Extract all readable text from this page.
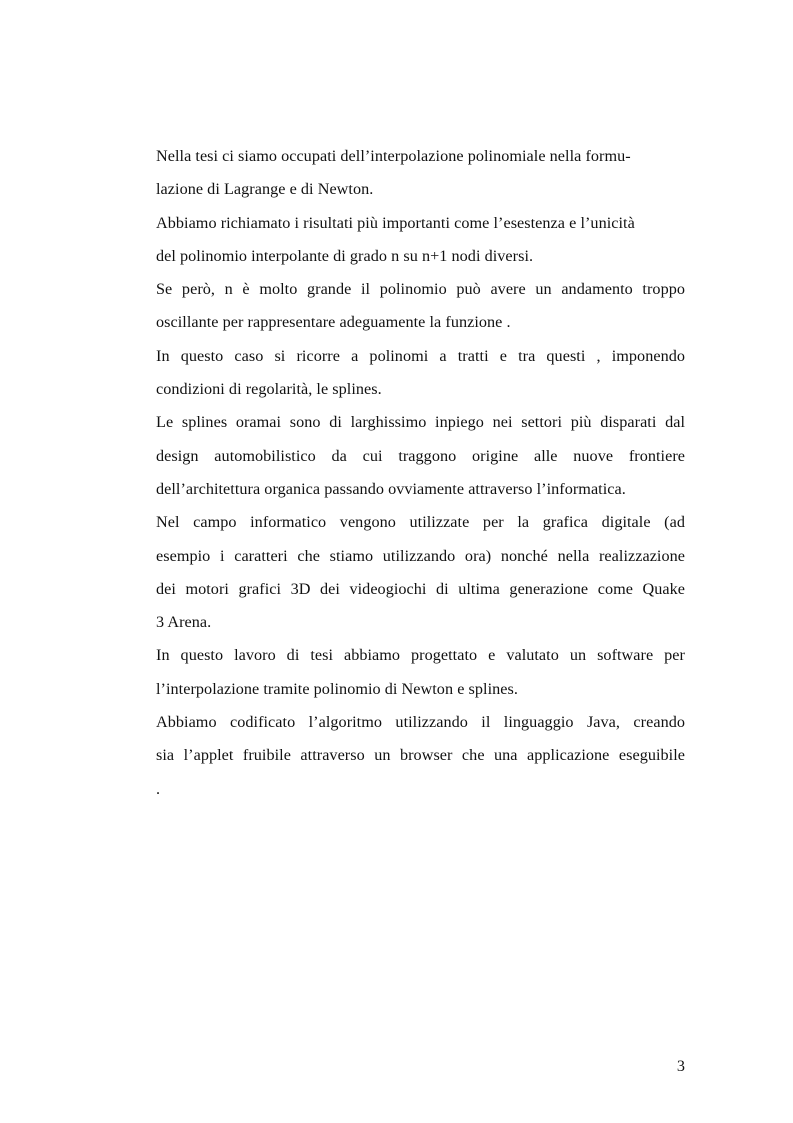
Nella tesi ci siamo occupati dell’interpolazione polinomiale nella formu-
lazione di Lagrange e di Newton.
Abbiamo richiamato i risultati più importanti come l’esestenza e l’unicità
del polinomio interpolante di grado n su n+1 nodi diversi.
Se però, n è molto grande il polinomio può avere un andamento troppo
oscillante per rappresentare adeguamente la funzione .
In questo caso si ricorre a polinomi a tratti e tra questi , imponendo
condizioni di regolarità, le splines.
Le splines oramai sono di larghissimo inpiego nei settori più disparati dal
design automobilistico da cui traggono origine alle nuove frontiere
dell’architettura organica passando ovviamente attraverso l’informatica.
Nel campo informatico vengono utilizzate per la grafica digitale (ad
esempio i caratteri che stiamo utilizzando ora) nonché nella realizzazione
dei motori grafici 3D dei videogiochi di ultima generazione come Quake
3 Arena.
In questo lavoro di tesi abbiamo progettato e valutato un software per
l’interpolazione tramite polinomio di Newton e splines.
Abbiamo codificato l’algoritmo utilizzando il linguaggio Java, creando
sia l’applet fruibile attraverso un browser che una applicazione eseguibile
.
3
